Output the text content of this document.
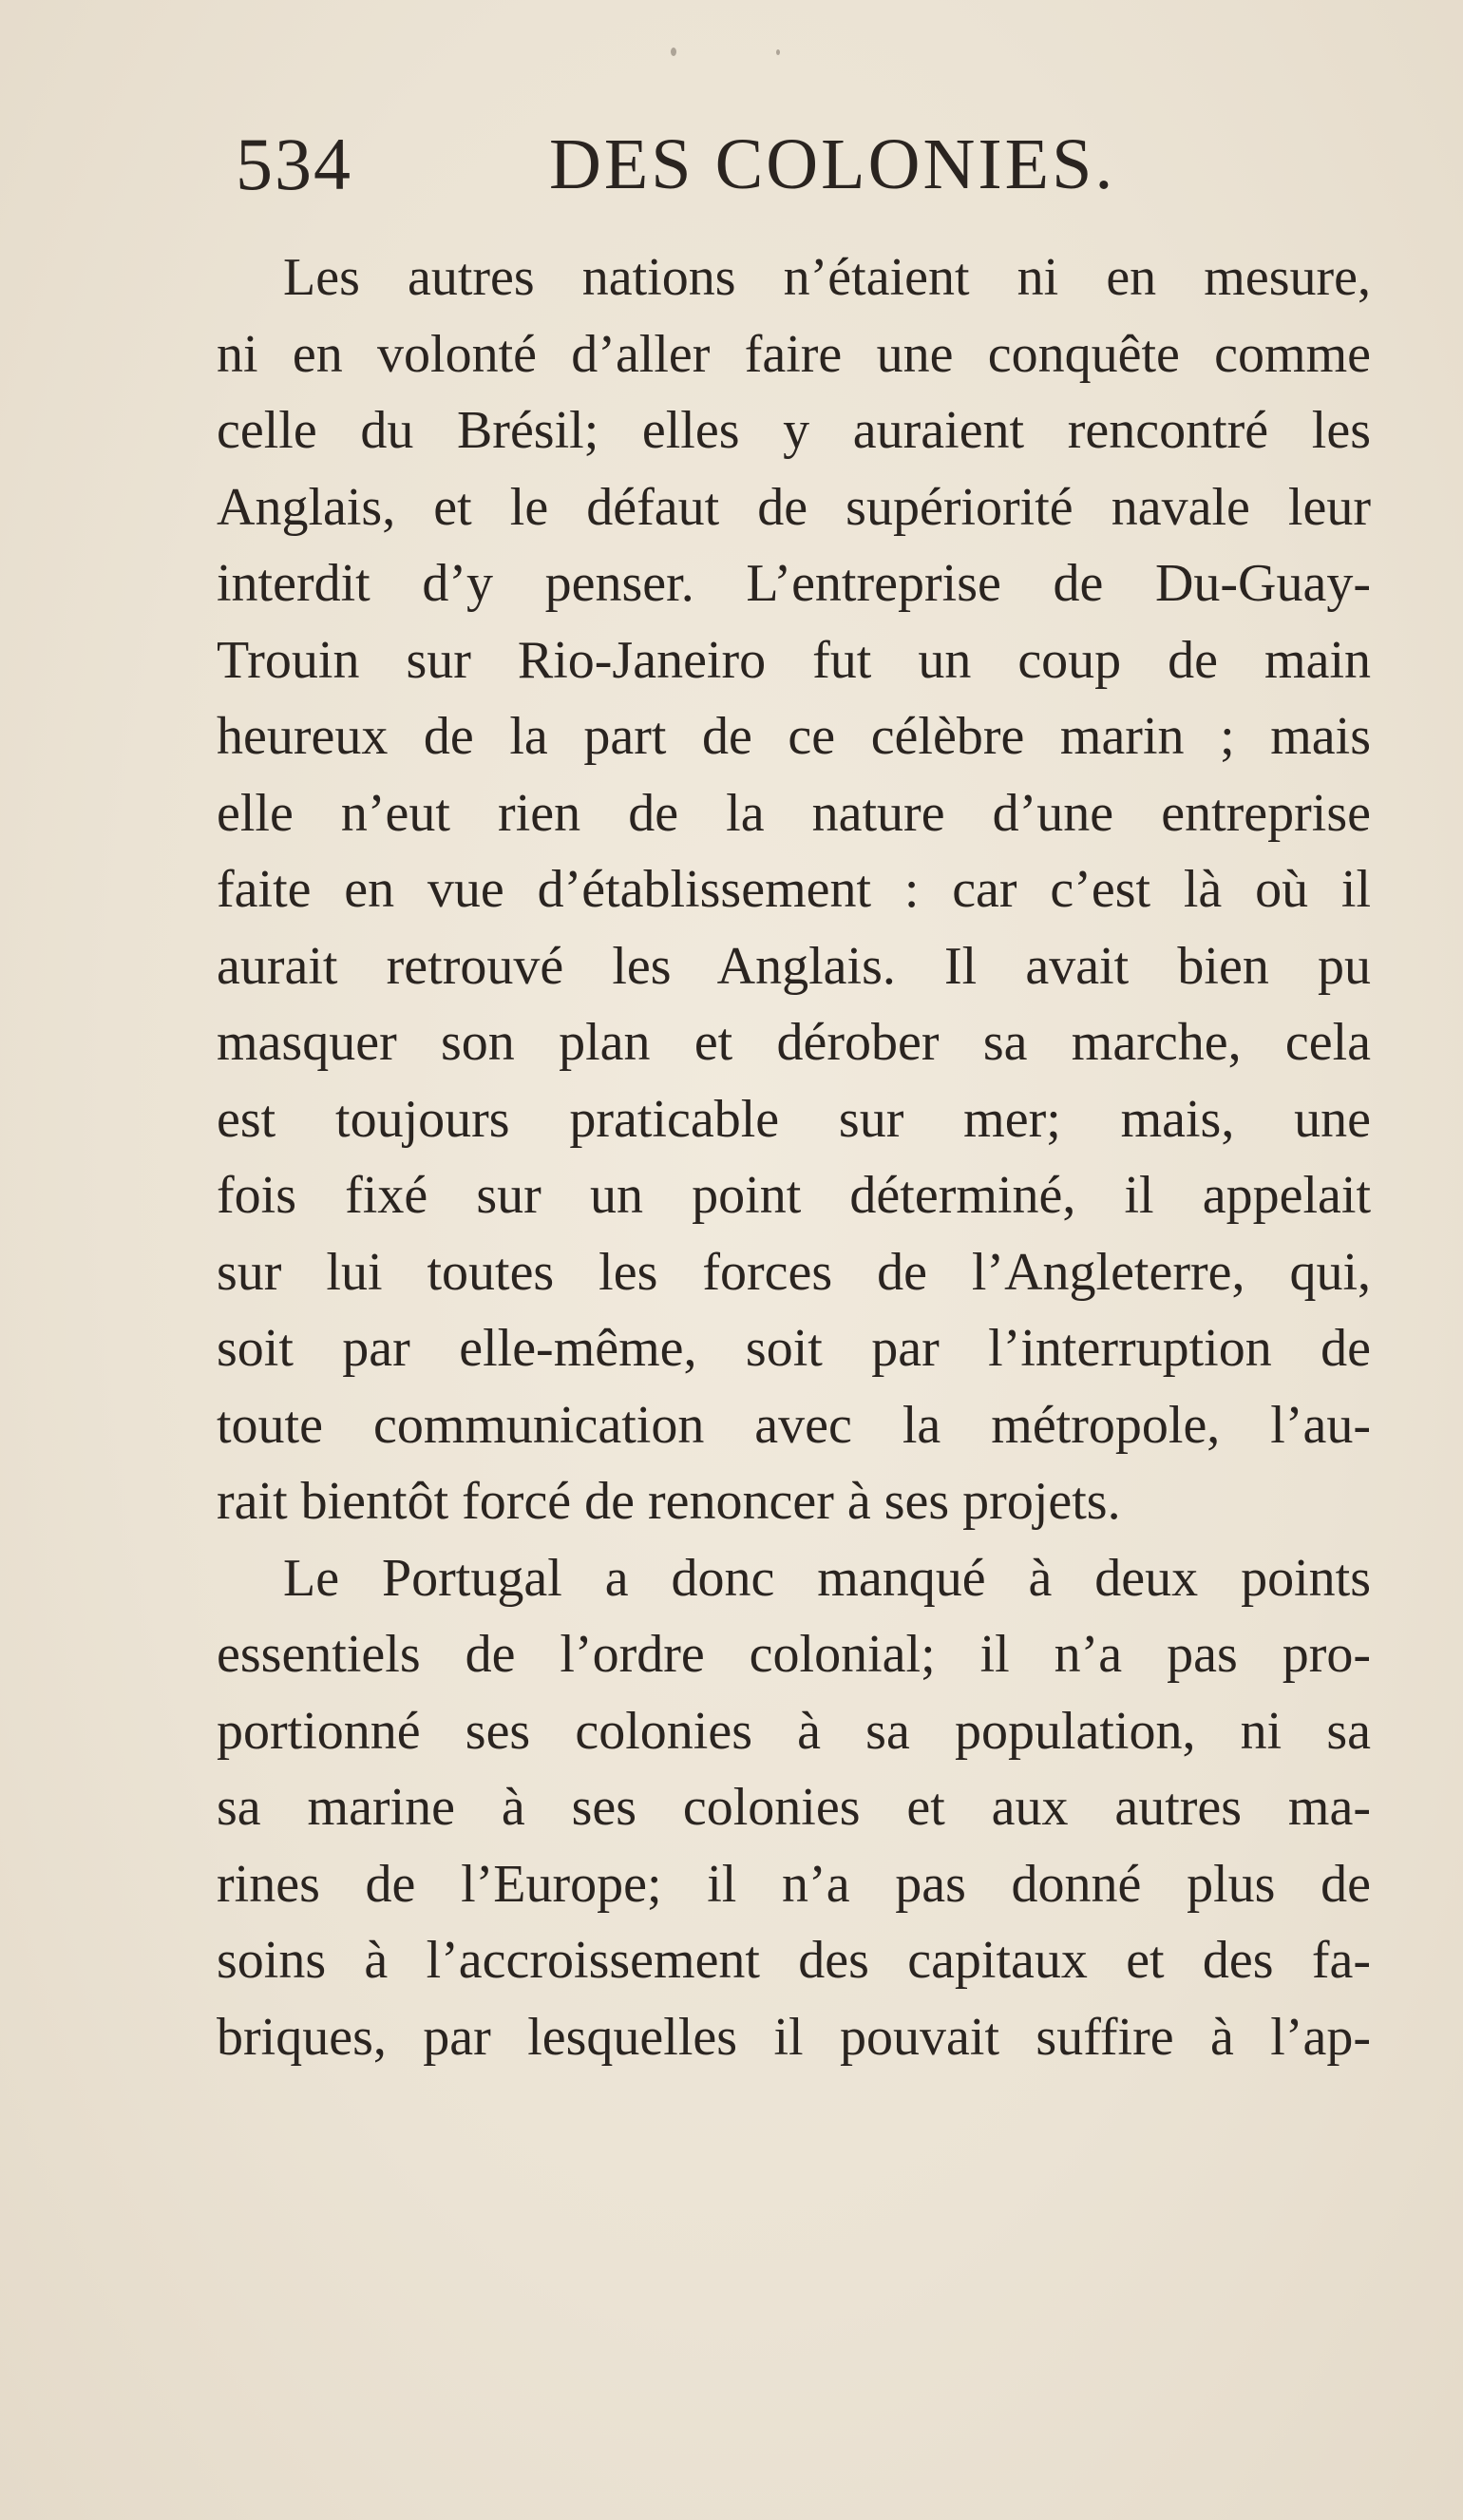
534	DES COLONIES.
Les autres nations n’étaient ni en mesure,
ni en volonté d’aller faire une conquête comme
celle du Brésil; elles y auraient rencontré les
Anglais, et le défaut de supériorité navale leur
interdit d’y penser. L’entreprise de Du-Guay-
Trouin sur Rio-Janeiro fut un coup de main
heureux de la part de ce célèbre marin ; mais
elle n’eut rien de la nature d’une entreprise
faite en vue d’établissement : car c’est là où il
aurait retrouvé les Anglais. Il avait bien pu
masquer son plan et dérober sa marche, cela
est toujours praticable sur mer; mais, une
fois fixé sur un point déterminé, il appelait
sur lui toutes les forces de l’Angleterre, qui,
soit par elle-même, soit par l’interruption de
toute communication avec la métropole, l’au-
rait bientôt forcé de renoncer à ses projets.
Le Portugal a donc manqué à deux points
essentiels de l’ordre colonial; il n’a pas pro-
portionné ses colonies à sa population, ni sa
sa marine à ses colonies et aux autres ma-
rines de l’Europe; il n’a pas donné plus de
soins à l’accroissement des capitaux et des fa-
briques, par lesquelles il pouvait suffire à l’ap-
